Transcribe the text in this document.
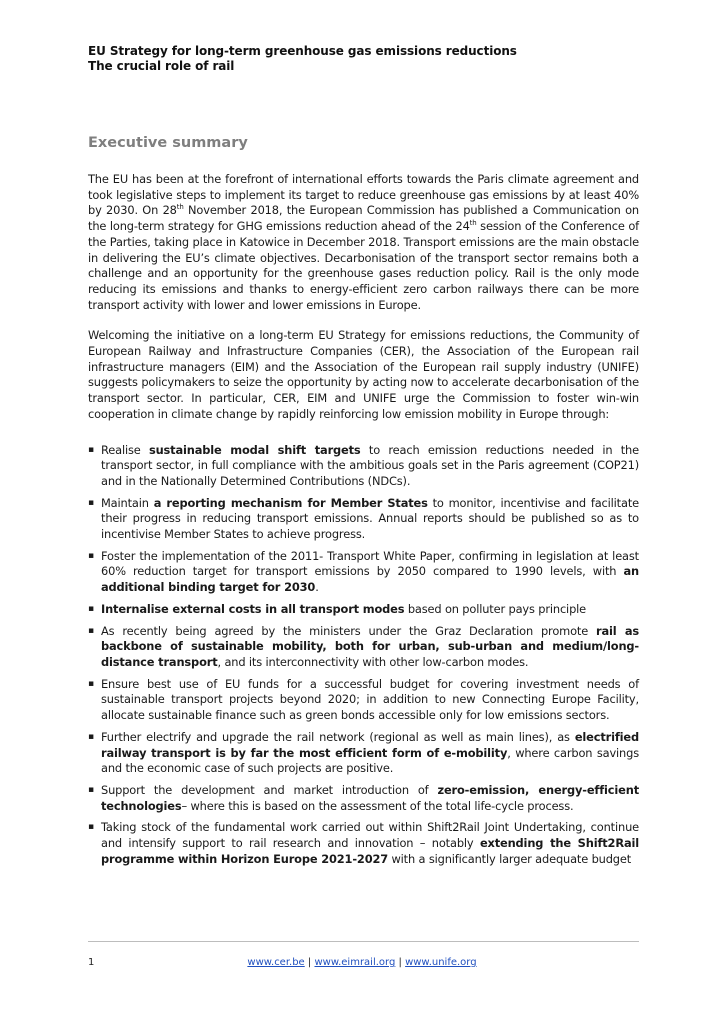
EU Strategy for long-term greenhouse gas emissions reductions
The crucial role of rail
Executive summary

The EU has been at the forefront of international efforts towards the Paris climate agreement and took legislative steps to implement its target to reduce greenhouse gas emissions by at least 40% by 2030. On 28th November 2018, the European Commission has published a Communication on the long-term strategy for GHG emissions reduction ahead of the 24th session of the Conference of the Parties, taking place in Katowice in December 2018. Transport emissions are the main obstacle in delivering the EU’s climate objectives. Decarbonisation of the transport sector remains both a challenge and an opportunity for the greenhouse gases reduction policy. Rail is the only mode reducing its emissions and thanks to energy-efficient zero carbon railways there can be more transport activity with lower and lower emissions in Europe.

Welcoming the initiative on a long-term EU Strategy for emissions reductions, the Community of European Railway and Infrastructure Companies (CER), the Association of the European rail infrastructure managers (EIM) and the Association of the European rail supply industry (UNIFE) suggests policymakers to seize the opportunity by acting now to accelerate decarbonisation of the transport sector. In particular, CER, EIM and UNIFE urge the Commission to foster win-win cooperation in climate change by rapidly reinforcing low emission mobility in Europe through:

▪ Realise sustainable modal shift targets to reach emission reductions needed in the transport sector, in full compliance with the ambitious goals set in the Paris agreement (COP21) and in the Nationally Determined Contributions (NDCs).
▪ Maintain a reporting mechanism for Member States to monitor, incentivise and facilitate their progress in reducing transport emissions. Annual reports should be published so as to incentivise Member States to achieve progress.
▪ Foster the implementation of the 2011- Transport White Paper, confirming in legislation at least 60% reduction target for transport emissions by 2050 compared to 1990 levels, with an additional binding target for 2030.
▪ Internalise external costs in all transport modes based on polluter pays principle
▪ As recently being agreed by the ministers under the Graz Declaration promote rail as backbone of sustainable mobility, both for urban, sub-urban and medium/long-distance transport, and its interconnectivity with other low-carbon modes.
▪ Ensure best use of EU funds for a successful budget for covering investment needs of sustainable transport projects beyond 2020; in addition to new Connecting Europe Facility, allocate sustainable finance such as green bonds accessible only for low emissions sectors.
▪ Further electrify and upgrade the rail network (regional as well as main lines), as electrified railway transport is by far the most efficient form of e-mobility, where carbon savings and the economic case of such projects are positive.
▪ Support the development and market introduction of zero-emission, energy-efficient technologies– where this is based on the assessment of the total life-cycle process.
▪ Taking stock of the fundamental work carried out within Shift2Rail Joint Undertaking, continue and intensify support to rail research and innovation – notably extending the Shift2Rail programme within Horizon Europe 2021-2027 with a significantly larger adequate budget
1	www.cer.be | www.eimrail.org | www.unife.org
